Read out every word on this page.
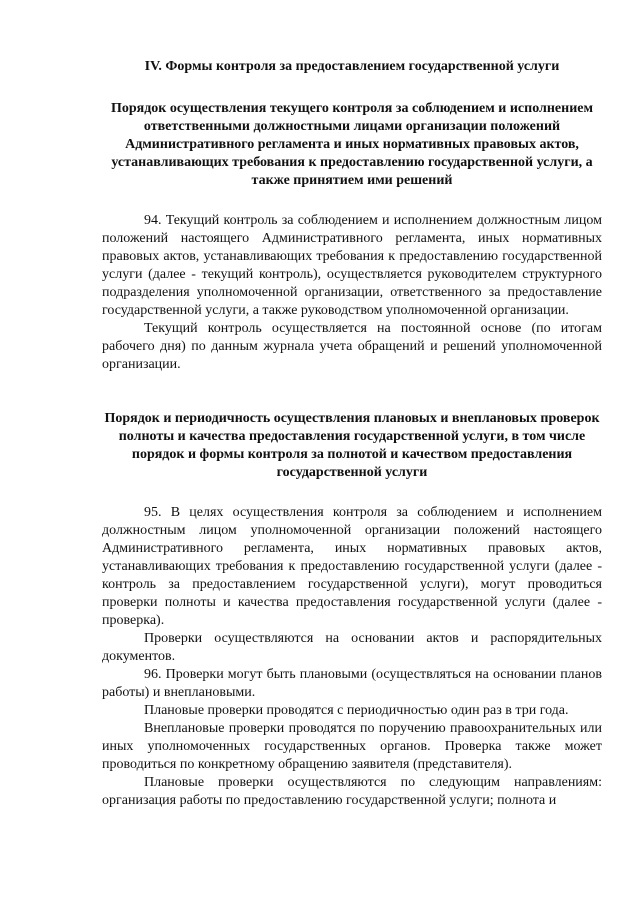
IV. Формы контроля за предоставлением государственной услуги
Порядок осуществления текущего контроля за соблюдением и исполнением ответственными должностными лицами организации положений Административного регламента и иных нормативных правовых актов, устанавливающих требования к предоставлению государственной услуги, а также принятием ими решений

94. Текущий контроль за соблюдением и исполнением должностным лицом положений настоящего Административного регламента, иных нормативных правовых актов, устанавливающих требования к предоставлению государственной услуги (далее - текущий контроль), осуществляется руководителем структурного подразделения уполномоченной организации, ответственного за предоставление государственной услуги, а также руководством уполномоченной организации.

Текущий контроль осуществляется на постоянной основе (по итогам рабочего дня) по данным журнала учета обращений и решений уполномоченной организации.

Порядок и периодичность осуществления плановых и внеплановых проверок полноты и качества предоставления государственной услуги, в том числе порядок и формы контроля за полнотой и качеством предоставления государственной услуги

95. В целях осуществления контроля за соблюдением и исполнением должностным лицом уполномоченной организации положений настоящего Административного регламента, иных нормативных правовых актов, устанавливающих требования к предоставлению государственной услуги (далее - контроль за предоставлением государственной услуги), могут проводиться проверки полноты и качества предоставления государственной услуги (далее - проверка).

Проверки осуществляются на основании актов и распорядительных документов.

96. Проверки могут быть плановыми (осуществляться на основании планов работы) и внеплановыми.

Плановые проверки проводятся с периодичностью один раз в три года.

Внеплановые проверки проводятся по поручению правоохранительных или иных уполномоченных государственных органов. Проверка также может проводиться по конкретному обращению заявителя (представителя).

Плановые проверки осуществляются по следующим направлениям: организация работы по предоставлению государственной услуги; полнота и
